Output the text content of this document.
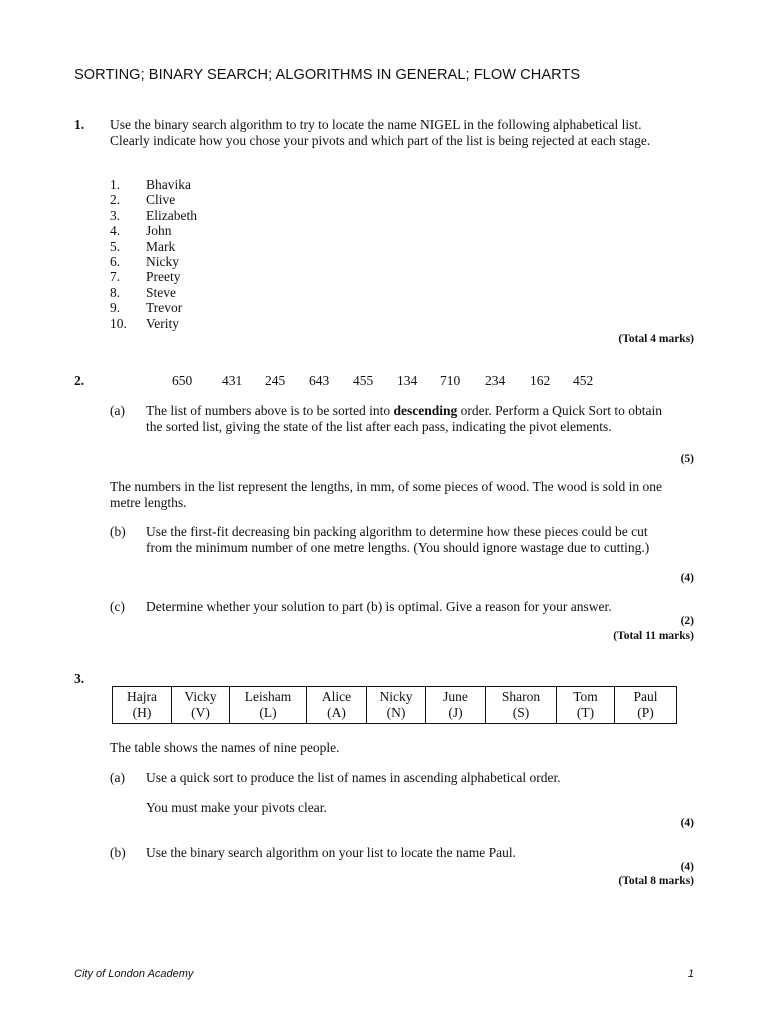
SORTING; BINARY SEARCH; ALGORITHMS IN GENERAL; FLOW CHARTS
1. Use the binary search algorithm to try to locate the name NIGEL in the following alphabetical list. Clearly indicate how you chose your pivots and which part of the list is being rejected at each stage.
1. Bhavika
2. Clive
3. Elizabeth
4. John
5. Mark
6. Nicky
7. Preety
8. Steve
9. Trevor
10. Verity
(Total 4 marks)
2.	650 431 245 643 455 134 710 234 162 452
(a) The list of numbers above is to be sorted into descending order. Perform a Quick Sort to obtain the sorted list, giving the state of the list after each pass, indicating the pivot elements.
(5)
The numbers in the list represent the lengths, in mm, of some pieces of wood. The wood is sold in one metre lengths.
(b) Use the first-fit decreasing bin packing algorithm to determine how these pieces could be cut from the minimum number of one metre lengths. (You should ignore wastage due to cutting.)
(4)
(c) Determine whether your solution to part (b) is optimal. Give a reason for your answer.
(2)
(Total 11 marks)
3.
Hajra
(H)

Vicky
(V)

Leisham
(L)

Alice
(A)

Nicky
(N)

June
(J)

Sharon
(S)

Tom
(T)

Paul
(P)
The table shows the names of nine people.
(a) Use a quick sort to produce the list of names in ascending alphabetical order.
You must make your pivots clear.
(4)
(b) Use the binary search algorithm on your list to locate the name Paul.
(4)
(Total 8 marks)
City of London Academy	1
